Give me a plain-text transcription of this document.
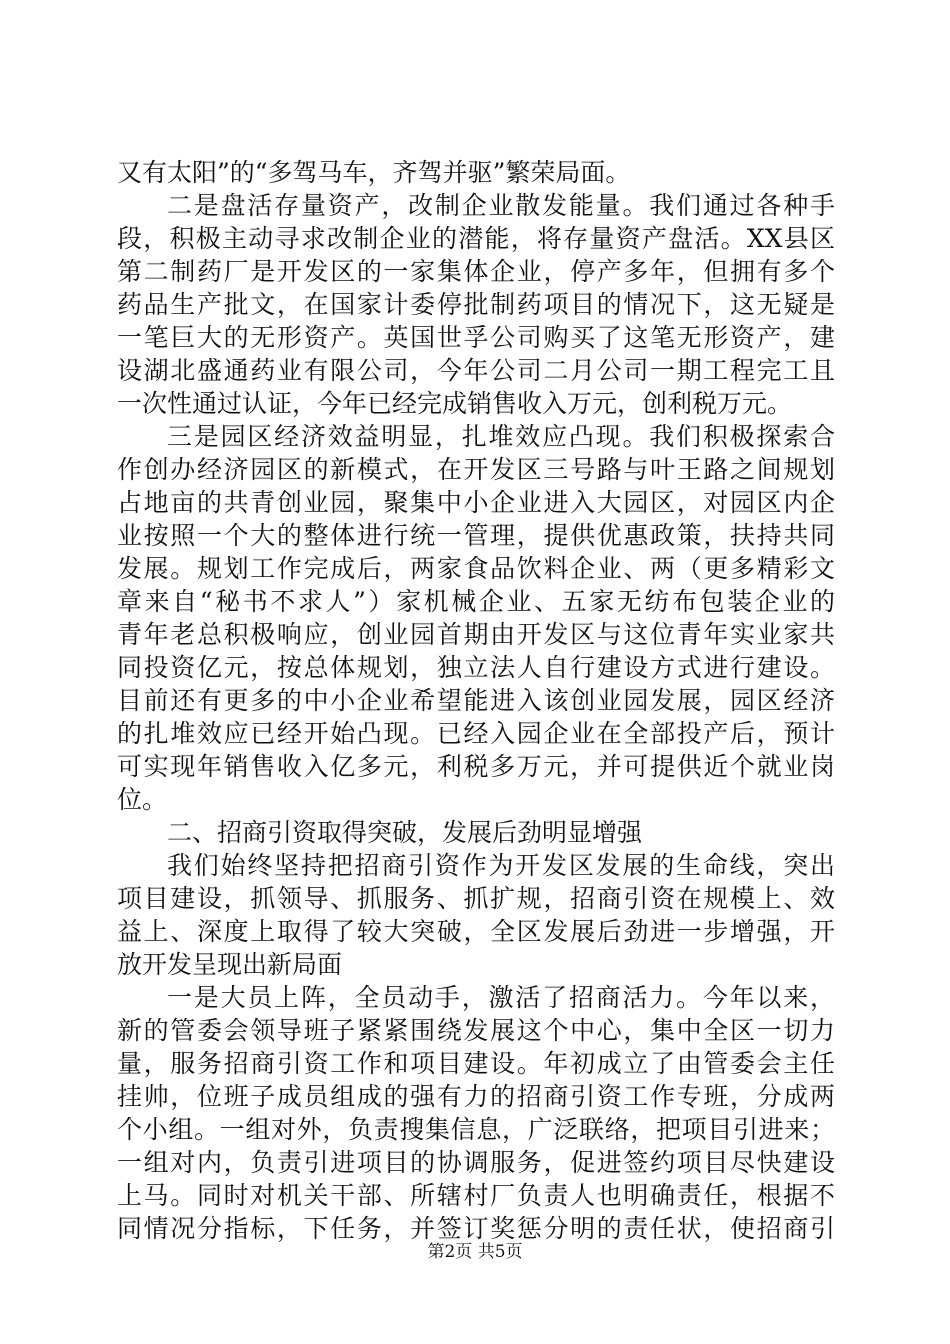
又有太阳”的“多驾马车，齐驾并驱”繁荣局面。
二是盘活存量资产，改制企业散发能量。我们通过各种手
段，积极主动寻求改制企业的潜能，将存量资产盘活。XX县区
第二制药厂是开发区的一家集体企业，停产多年，但拥有多个
药品生产批文，在国家计委停批制药项目的情况下，这无疑是
一笔巨大的无形资产。英国世孚公司购买了这笔无形资产，建
设湖北盛通药业有限公司，今年公司二月公司一期工程完工且
一次性通过认证，今年已经完成销售收入万元，创利税万元。
三是园区经济效益明显，扎堆效应凸现。我们积极探索合
作创办经济园区的新模式，在开发区三号路与叶王路之间规划
占地亩的共青创业园，聚集中小企业进入大园区，对园区内企
业按照一个大的整体进行统一管理，提供优惠政策，扶持共同
发展。规划工作完成后，两家食品饮料企业、两（更多精彩文
章来自“秘书不求人”）家机械企业、五家无纺布包装企业的
青年老总积极响应，创业园首期由开发区与这位青年实业家共
同投资亿元，按总体规划，独立法人自行建设方式进行建设。
目前还有更多的中小企业希望能进入该创业园发展，园区经济
的扎堆效应已经开始凸现。已经入园企业在全部投产后，预计
可实现年销售收入亿多元，利税多万元，并可提供近个就业岗
位。
二、招商引资取得突破，发展后劲明显增强
我们始终坚持把招商引资作为开发区发展的生命线，突出
项目建设，抓领导、抓服务、抓扩规，招商引资在规模上、效
益上、深度上取得了较大突破，全区发展后劲进一步增强，开
放开发呈现出新局面
一是大员上阵，全员动手，激活了招商活力。今年以来，
新的管委会领导班子紧紧围绕发展这个中心，集中全区一切力
量，服务招商引资工作和项目建设。年初成立了由管委会主任
挂帅，位班子成员组成的强有力的招商引资工作专班，分成两
个小组。一组对外，负责搜集信息，广泛联络，把项目引进来；
一组对内，负责引进项目的协调服务，促进签约项目尽快建设
上马。同时对机关干部、所辖村厂负责人也明确责任，根据不
同情况分指标，下任务，并签订奖惩分明的责任状，使招商引
第2页 共5页
